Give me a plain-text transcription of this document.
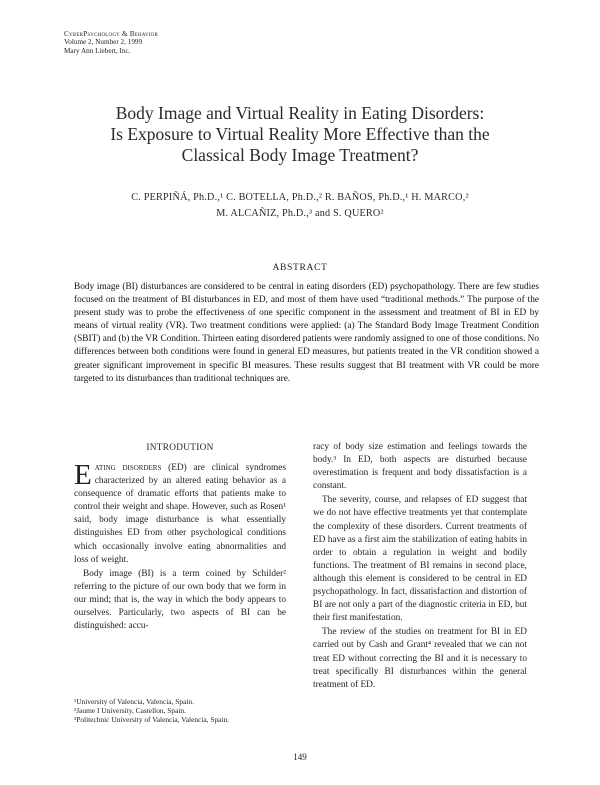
CyberPsychology & Behavior
Volume 2, Number 2, 1999
Mary Ann Liebert, Inc.
Body Image and Virtual Reality in Eating Disorders:
Is Exposure to Virtual Reality More Effective than the
Classical Body Image Treatment?
C. PERPIÑÁ, Ph.D.,¹ C. BOTELLA, Ph.D.,² R. BAÑOS, Ph.D.,¹ H. MARCO,²
M. ALCAÑIZ, Ph.D.,³ and S. QUERO²
ABSTRACT
Body image (BI) disturbances are considered to be central in eating disorders (ED) psychopathology. There are few studies focused on the treatment of BI disturbances in ED, and most of them have used “traditional methods.” The purpose of the present study was to probe the effectiveness of one specific component in the assessment and treatment of BI in ED by means of virtual reality (VR). Two treatment conditions were applied: (a) The Standard Body Image Treatment Condition (SBIT) and (b) the VR Condition. Thirteen eating disordered patients were randomly assigned to one of those conditions. No differences between both conditions were found in general ED measures, but patients treated in the VR condition showed a greater significant improvement in specific BI measures. These results suggest that BI treatment with VR could be more targeted to its disturbances than traditional techniques are.
INTRODUTION

Eating disorders (ED) are clinical syndromes characterized by an altered eating behavior as a consequence of dramatic efforts that patients make to control their weight and shape. However, such as Rosen¹ said, body image disturbance is what essentially distinguishes ED from other psychological conditions which occasionally involve eating abnormalities and loss of weight.

Body image (BI) is a term coined by Schilder² referring to the picture of our own body that we form in our mind; that is, the way in which the body appears to ourselves. Particularly, two aspects of BI can be distinguished: accu-

racy of body size estimation and feelings towards the body.³ In ED, both aspects are disturbed because overestimation is frequent and body dissatisfaction is a constant.

The severity, course, and relapses of ED suggest that we do not have effective treatments yet that contemplate the complexity of these disorders. Current treatments of ED have as a first aim the stabilization of eating habits in order to obtain a regulation in weight and bodily functions. The treatment of BI remains in second place, although this element is considered to be central in ED psychopathology. In fact, dissatisfaction and distortion of BI are not only a part of the diagnostic criteria in ED, but their first manifestation.

The review of the studies on treatment for BI in ED carried out by Cash and Grant⁴ revealed that we can not treat ED without correcting the BI and it is necessary to treat specifically BI disturbances within the general treatment of ED.

¹University of Valencia, Valencia, Spain.
²Jaume I University, Castellon, Spain.
³Politechnic University of Valencia, Valencia, Spain.
149
